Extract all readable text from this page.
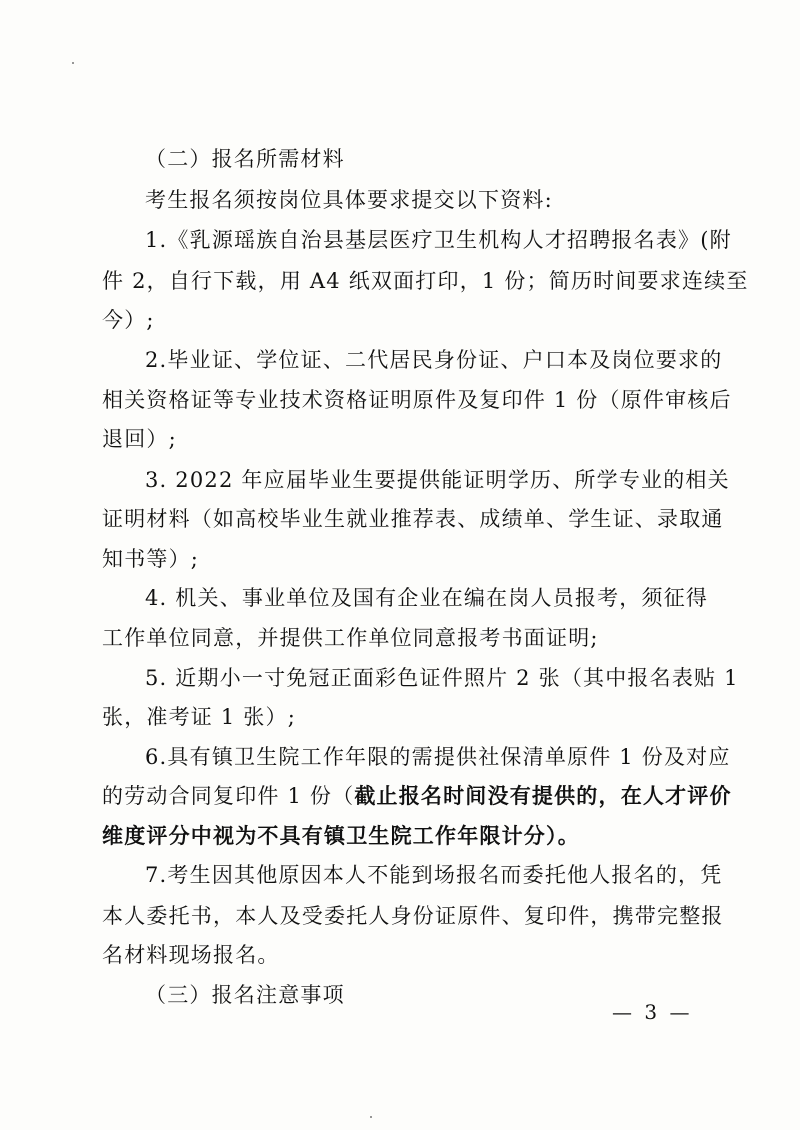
（二）报名所需材料
考生报名须按岗位具体要求提交以下资料:
1.《乳源瑶族自治县基层医疗卫生机构人才招聘报名表》(附
件 2，自行下载，用 A4 纸双面打印，1 份；简历时间要求连续至
今）;
2.毕业证、学位证、二代居民身份证、户口本及岗位要求的
相关资格证等专业技术资格证明原件及复印件 1 份（原件审核后
退回）;
3. 2022 年应届毕业生要提供能证明学历、所学专业的相关
证明材料（如高校毕业生就业推荐表、成绩单、学生证、录取通
知书等）;
4. 机关、事业单位及国有企业在编在岗人员报考，须征得
工作单位同意，并提供工作单位同意报考书面证明;
5. 近期小一寸免冠正面彩色证件照片 2 张（其中报名表贴 1
张，准考证 1 张）;
6.具有镇卫生院工作年限的需提供社保清单原件 1 份及对应
的劳动合同复印件 1 份（截止报名时间没有提供的，在人才评价
维度评分中视为不具有镇卫生院工作年限计分）。
7.考生因其他原因本人不能到场报名而委托他人报名的，凭
本人委托书，本人及受委托人身份证原件、复印件，携带完整报
名材料现场报名。
（三）报名注意事项
— 3 —
